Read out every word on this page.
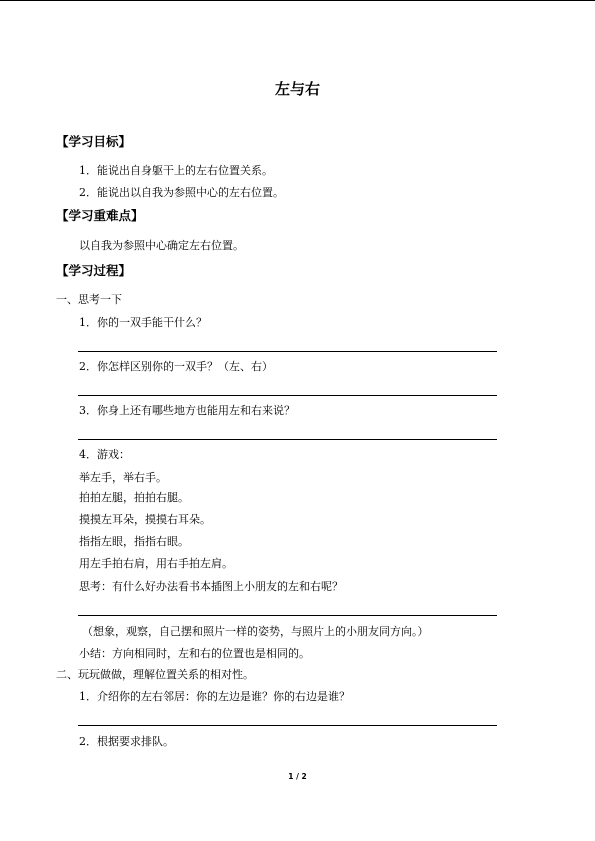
左与右
【学习目标】
1．能说出自身躯干上的左右位置关系。
2．能说出以自我为参照中心的左右位置。
【学习重难点】
以自我为参照中心确定左右位置。
【学习过程】
一、思考一下
1．你的一双手能干什么？
2．你怎样区别你的一双手？（左、右）
3．你身上还有哪些地方也能用左和右来说？
4．游戏：
举左手，举右手。
拍拍左腿，拍拍右腿。
摸摸左耳朵，摸摸右耳朵。
指指左眼，指指右眼。
用左手拍右肩，用右手拍左肩。
思考：有什么好办法看书本插图上小朋友的左和右呢？
（想象，观察，自己摆和照片一样的姿势，与照片上的小朋友同方向。）
小结：方向相同时，左和右的位置也是相同的。
二、玩玩做做，理解位置关系的相对性。
1．介绍你的左右邻居：你的左边是谁？你的右边是谁？
2．根据要求排队。
1 / 2
